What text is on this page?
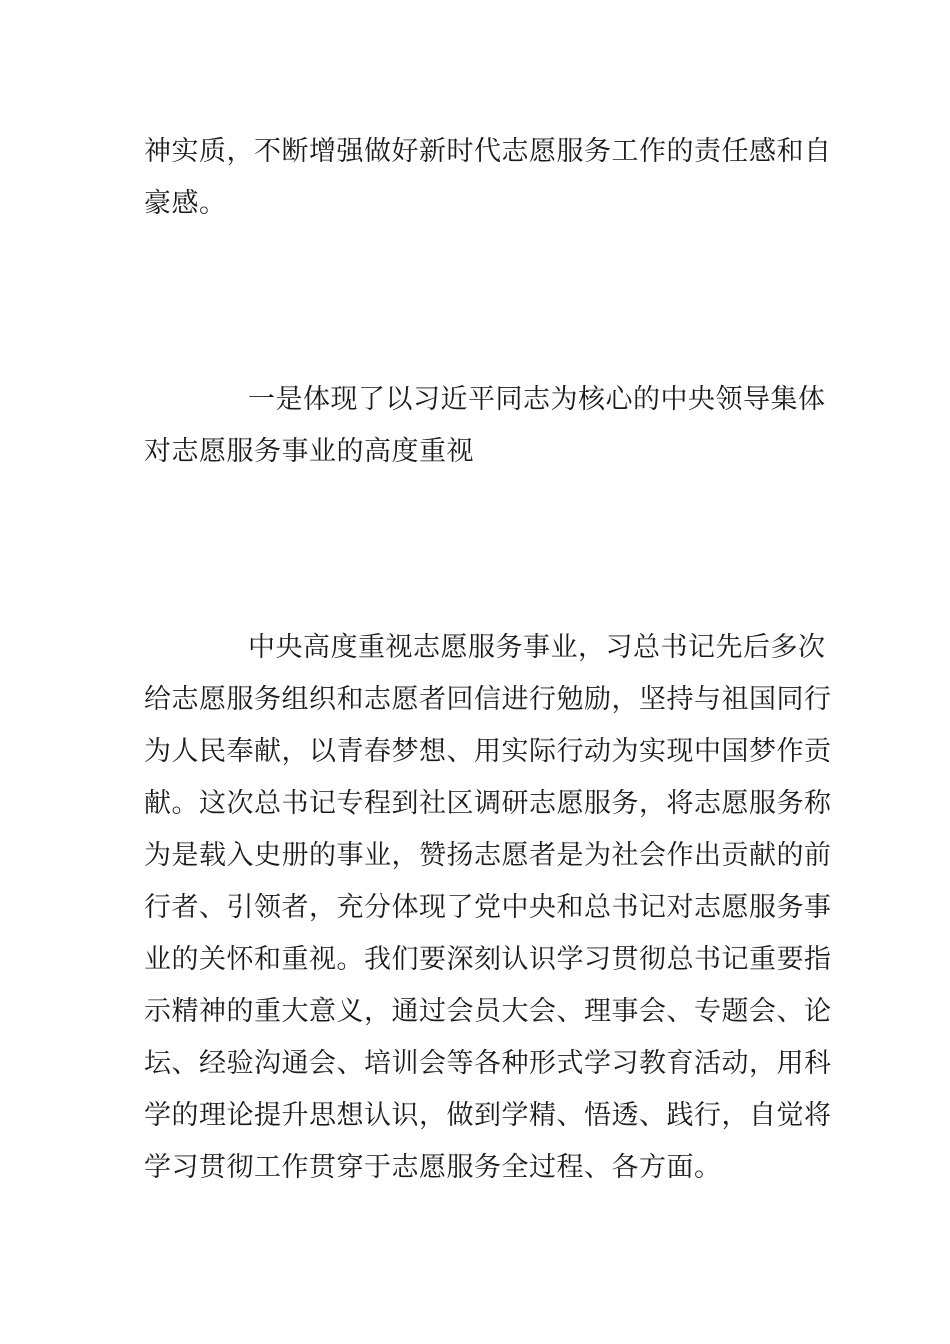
神实质，不断增强做好新时代志愿服务工作的责任感和自
豪感。
一是体现了以习近平同志为核心的中央领导集体
对志愿服务事业的高度重视
中央高度重视志愿服务事业，习总书记先后多次
给志愿服务组织和志愿者回信进行勉励，坚持与祖国同行
为人民奉献，以青春梦想、用实际行动为实现中国梦作贡
献。这次总书记专程到社区调研志愿服务，将志愿服务称
为是载入史册的事业，赞扬志愿者是为社会作出贡献的前
行者、引领者，充分体现了党中央和总书记对志愿服务事
业的关怀和重视。我们要深刻认识学习贯彻总书记重要指
示精神的重大意义，通过会员大会、理事会、专题会、论
坛、经验沟通会、培训会等各种形式学习教育活动，用科
学的理论提升思想认识，做到学精、悟透、践行，自觉将
学习贯彻工作贯穿于志愿服务全过程、各方面。
